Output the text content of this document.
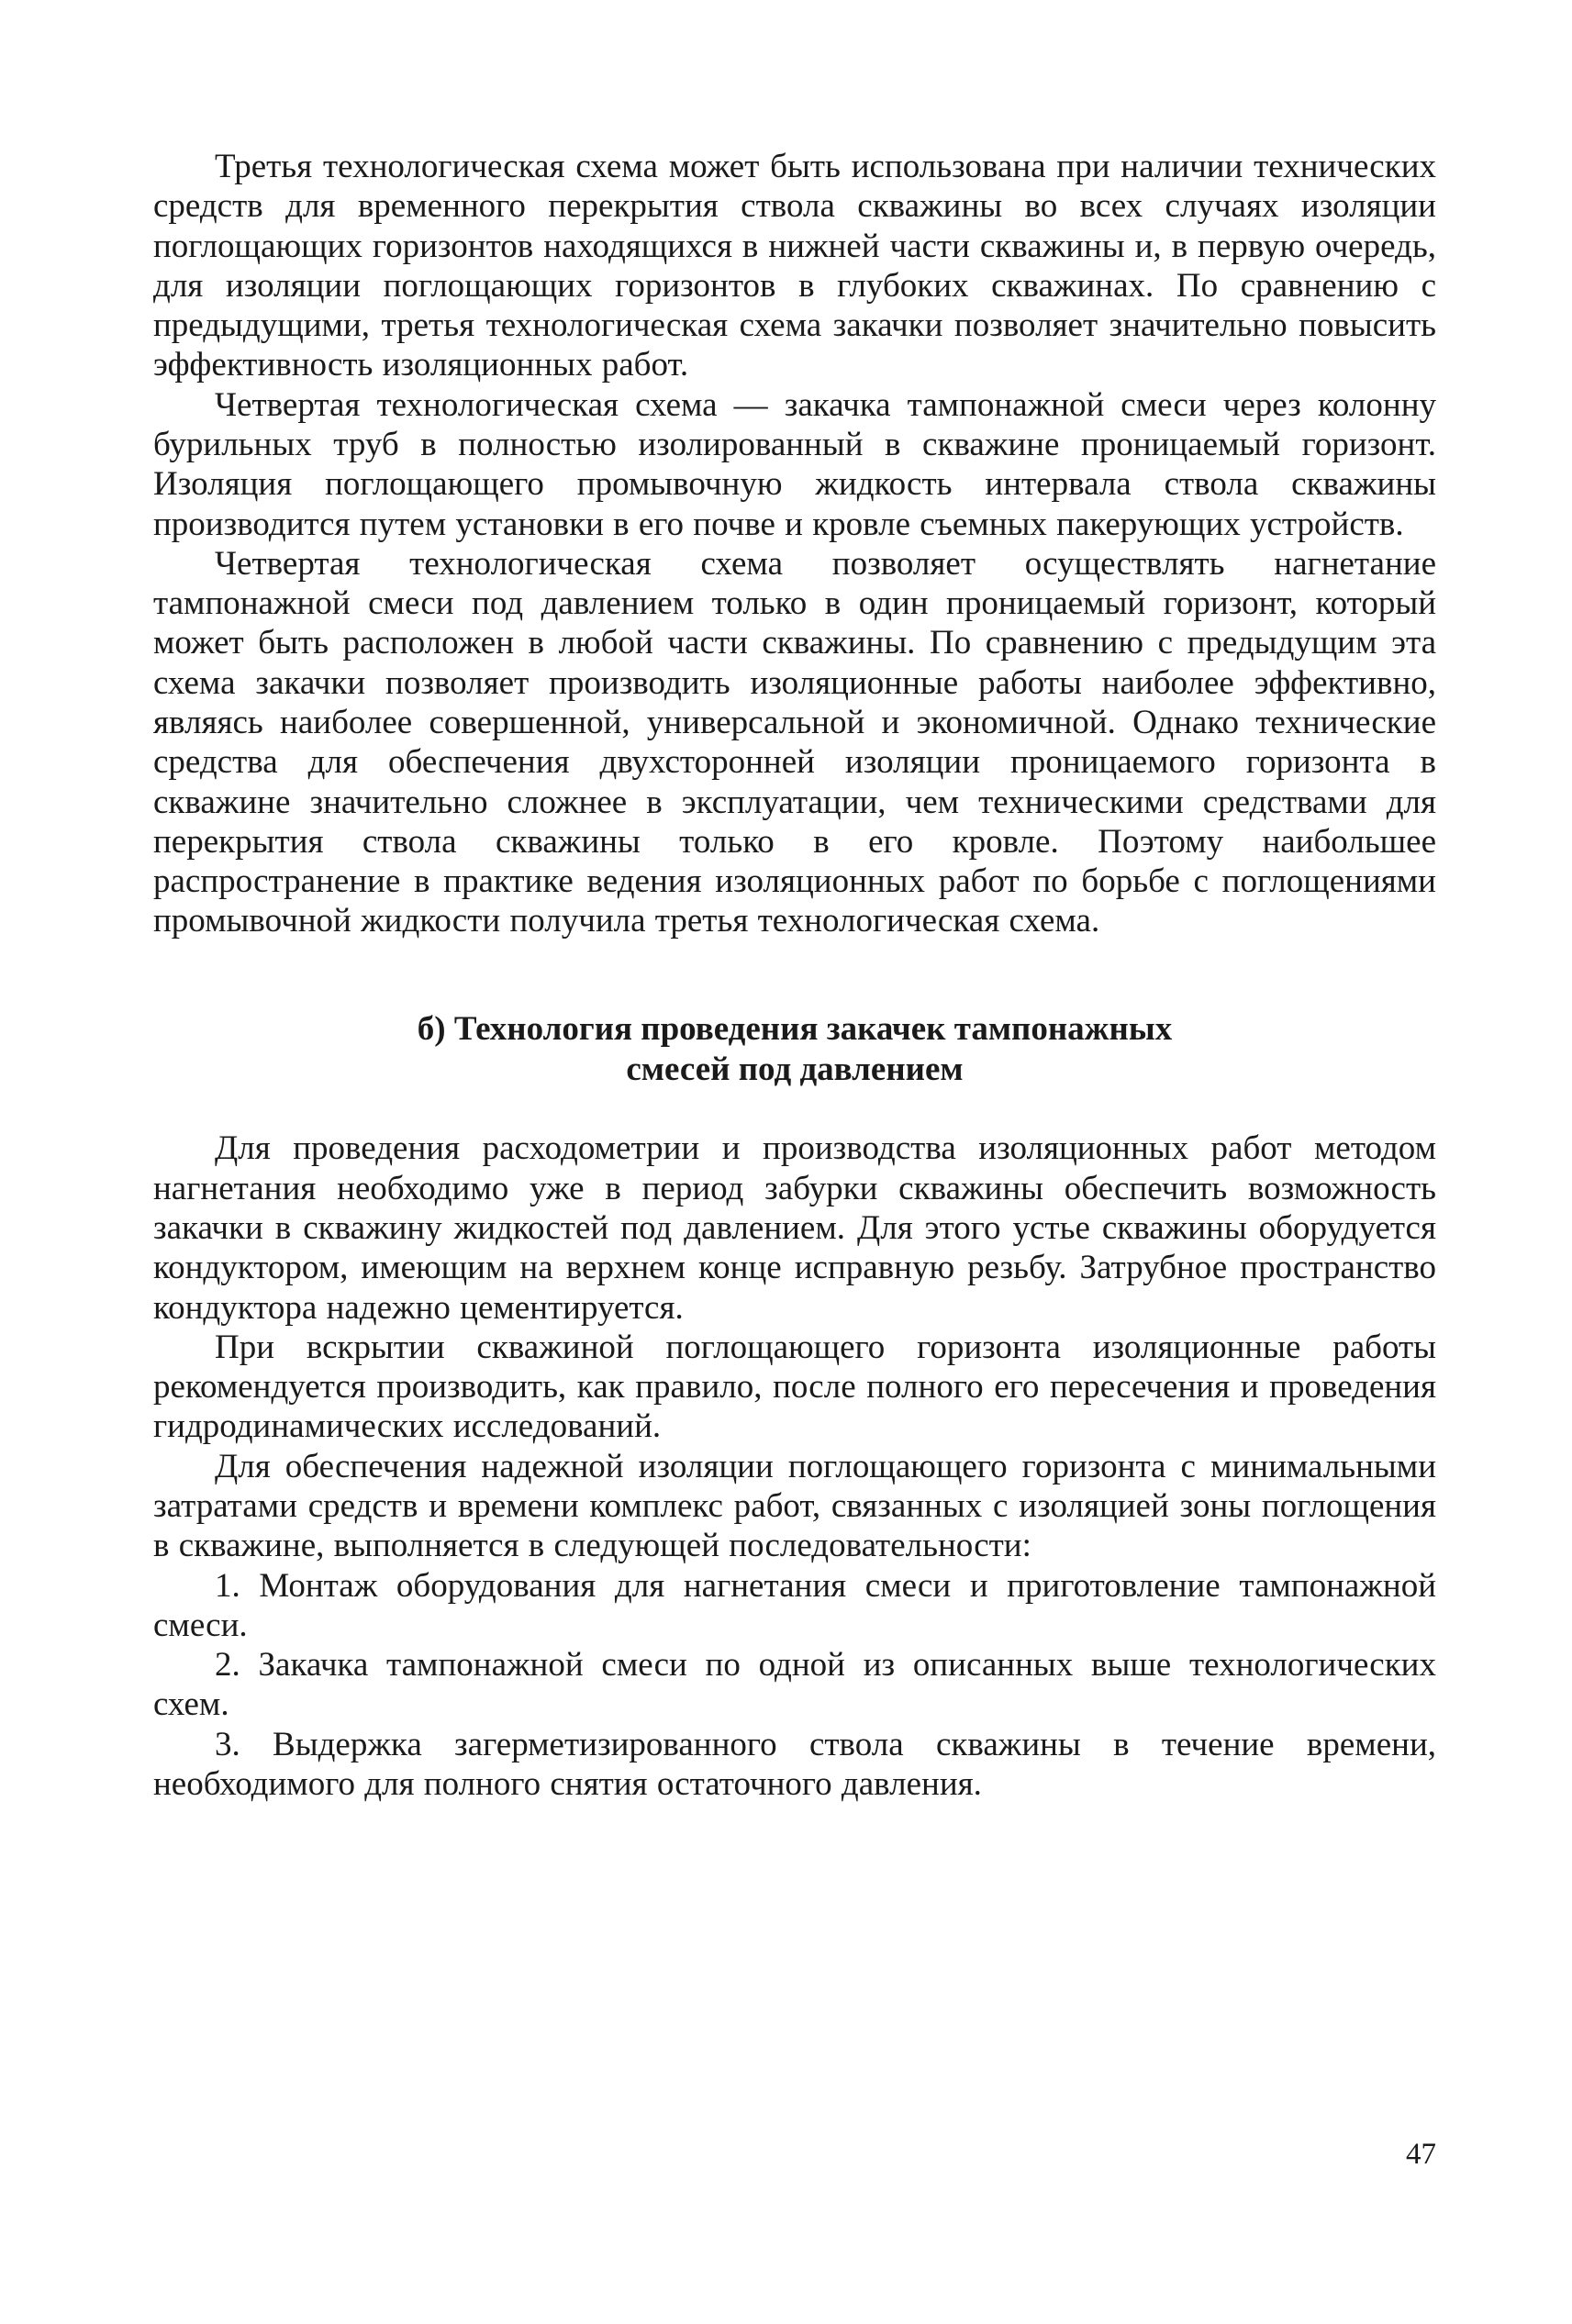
Третья технологическая схема может быть использована при наличии технических средств для временного перекрытия ствола скважины во всех случаях изоляции поглощающих горизонтов находящихся в нижней части скважины и, в первую очередь, для изоляции поглощающих горизонтов в глубоких скважинах. По сравнению с предыдущими, третья технологическая схема закачки позволяет значительно повысить эффективность изоляционных работ.

Четвертая технологическая схема — закачка тампонажной смеси через колонну бурильных труб в полностью изолированный в скважине проницаемый горизонт. Изоляция поглощающего промывочную жидкость интервала ствола скважины производится путем установки в его почве и кровле съемных пакерующих устройств.

Четвертая технологическая схема позволяет осуществлять нагнетание тампонажной смеси под давлением только в один проницаемый горизонт, который может быть расположен в любой части скважины. По сравнению с предыдущим эта схема закачки позволяет производить изоляционные работы наиболее эффективно, являясь наиболее совершенной, универсальной и экономичной. Однако технические средства для обеспечения двухсторонней изоляции проницаемого горизонта в скважине значительно сложнее в эксплуатации, чем техническими средствами для перекрытия ствола скважины только в его кровле. Поэтому наибольшее распространение в практике ведения изоляционных работ по борьбе с поглощениями промывочной жидкости получила третья технологическая схема.

б) Технология проведения закачек тампонажных
смесей под давлением

Для проведения расходометрии и производства изоляционных работ методом нагнетания необходимо уже в период забурки скважины обеспечить возможность закачки в скважину жидкостей под давлением. Для этого устье скважины оборудуется кондуктором, имеющим на верхнем конце исправную резьбу. Затрубное пространство кондуктора надежно цементируется.

При вскрытии скважиной поглощающего горизонта изоляционные работы рекомендуется производить, как правило, после полного его пересечения и проведения гидродинамических исследований.

Для обеспечения надежной изоляции поглощающего горизонта с минимальными затратами средств и времени комплекс работ, связанных с изоляцией зоны поглощения в скважине, выполняется в следующей последовательности:

1. Монтаж оборудования для нагнетания смеси и приготовление тампонажной смеси.

2. Закачка тампонажной смеси по одной из описанных выше технологических схем.

3. Выдержка загерметизированного ствола скважины в течение времени, необходимого для полного снятия остаточного давления.

47
